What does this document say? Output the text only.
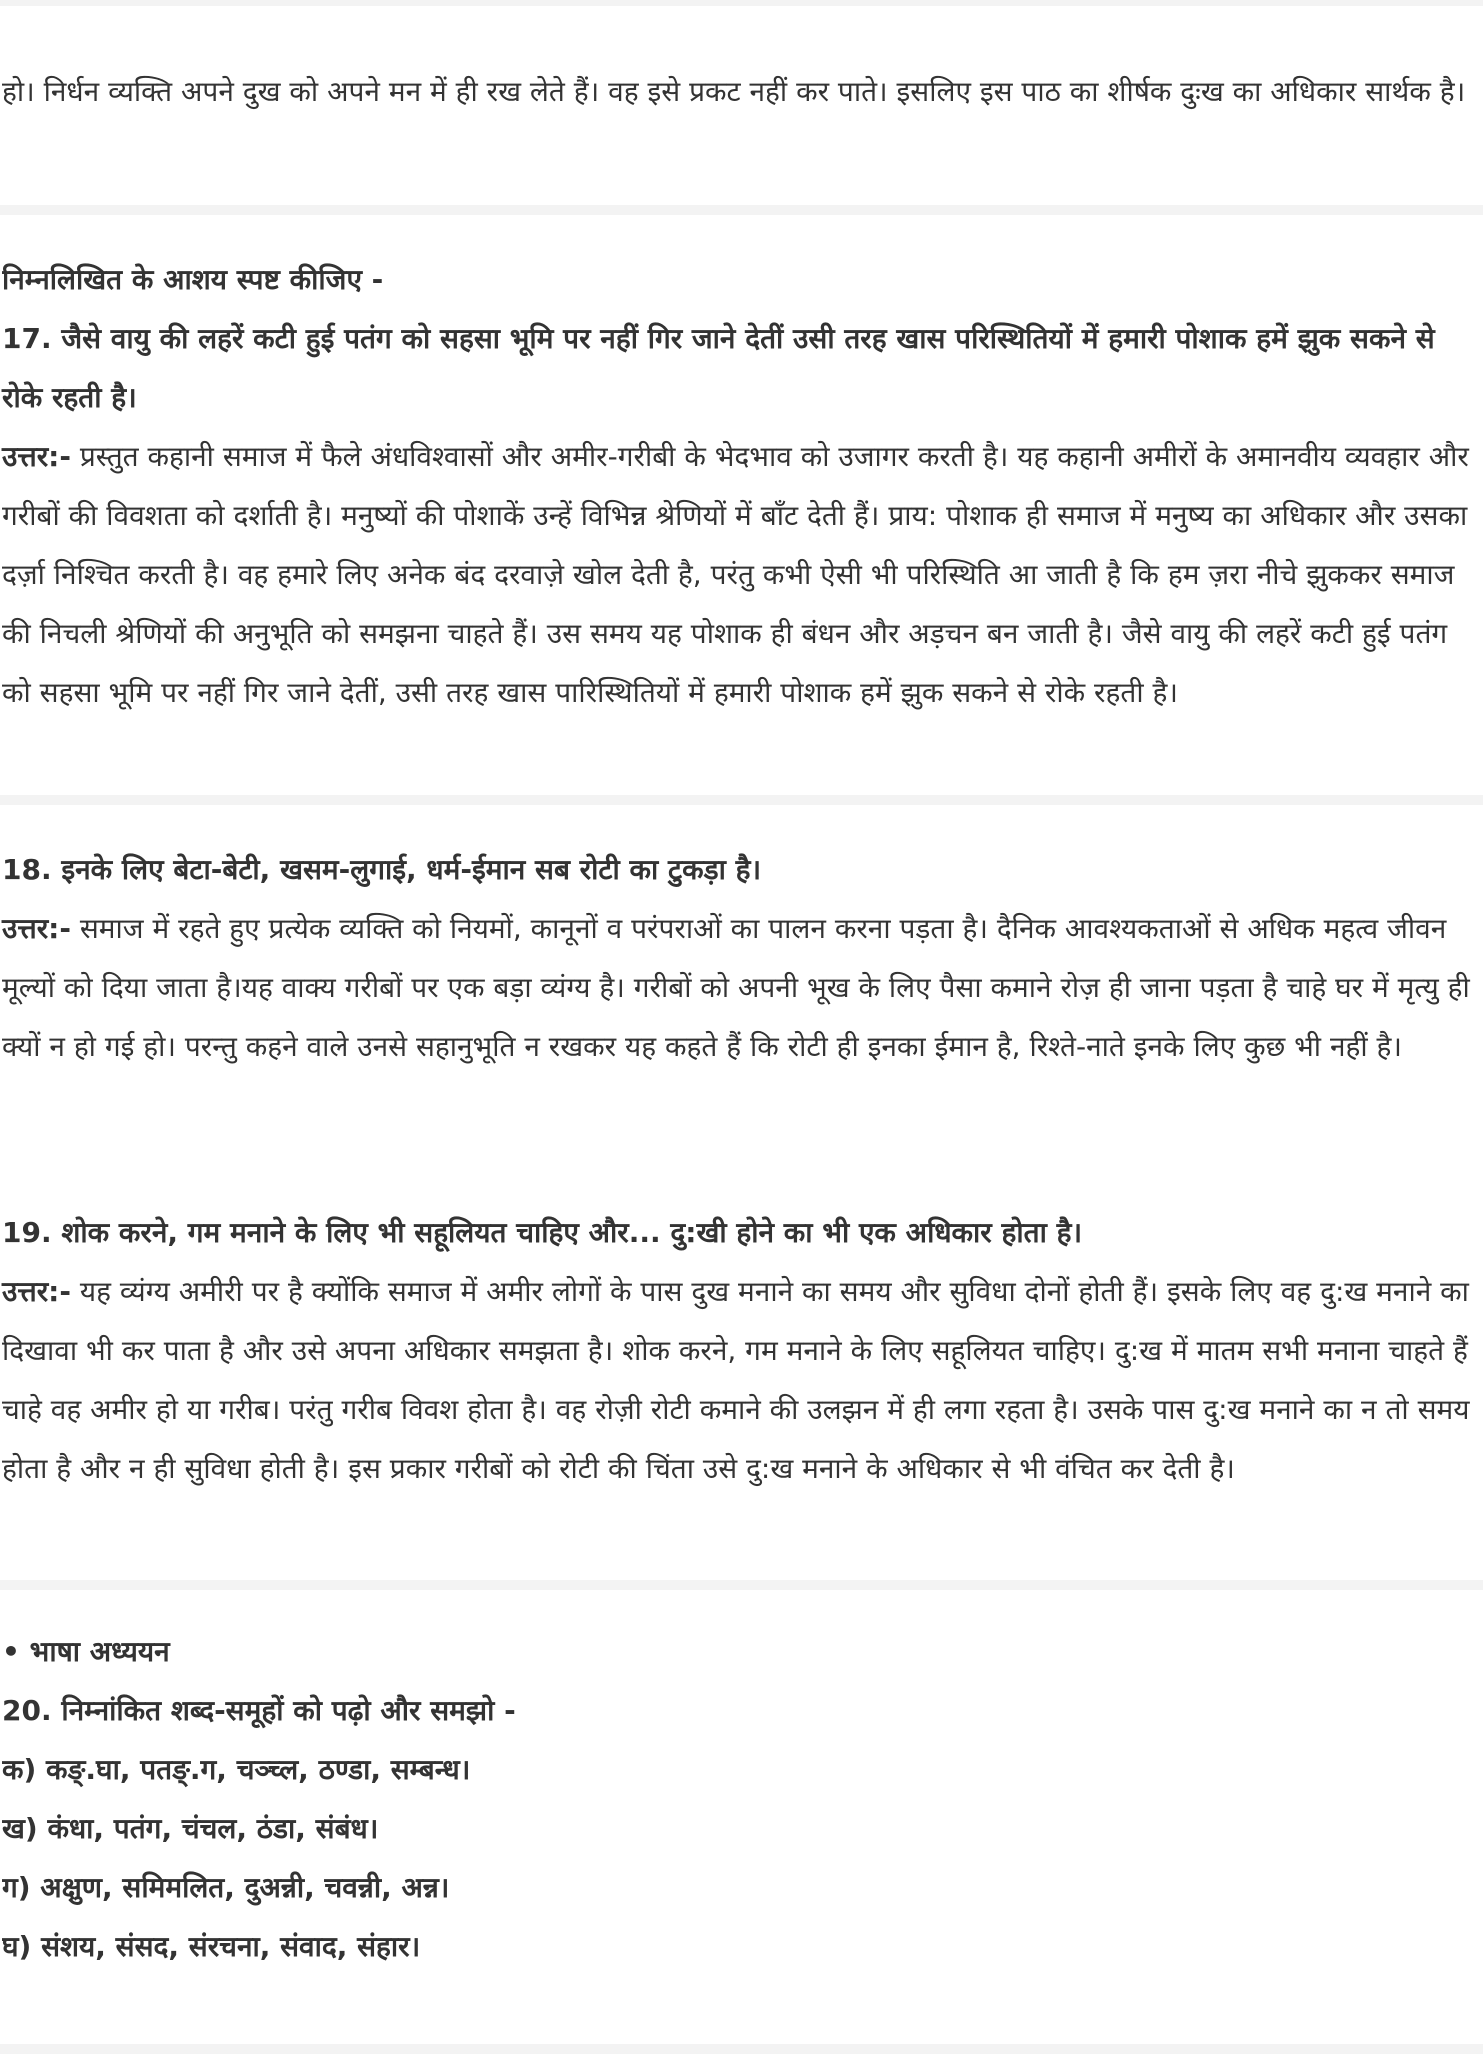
हो। निर्धन व्यक्ति अपने दुख को अपने मन में ही रख लेते हैं। वह इसे प्रकट नहीं कर पाते। इसलिए इस पाठ का शीर्षक दुःख का अधिकार सार्थक है।

निम्नलिखित के आशय स्पष्ट कीजिए -

17. जैसे वायु की लहरें कटी हुई पतंग को सहसा भूमि पर नहीं गिर जाने देतीं उसी तरह खास परिस्थितियों में हमारी पोशाक हमें झुक सकने से रोके रहती है।

उत्तर:- प्रस्तुत कहानी समाज में फैले अंधविश्वासों और अमीर-गरीबी के भेदभाव को उजागर करती है। यह कहानी अमीरों के अमानवीय व्यवहार और गरीबों की विवशता को दर्शाती है। मनुष्यों की पोशाकें उन्हें विभिन्न श्रेणियों में बाँट देती हैं। प्राय: पोशाक ही समाज में मनुष्य का अधिकार और उसका दर्ज़ा निश्चित करती है। वह हमारे लिए अनेक बंद दरवाज़े खोल देती है, परंतु कभी ऐसी भी परिस्थिति आ जाती है कि हम ज़रा नीचे झुककर समाज की निचली श्रेणियों की अनुभूति को समझना चाहते हैं। उस समय यह पोशाक ही बंधन और अड़चन बन जाती है। जैसे वायु की लहरें कटी हुई पतंग को सहसा भूमि पर नहीं गिर जाने देतीं, उसी तरह खास पारिस्थितियों में हमारी पोशाक हमें झुक सकने से रोके रहती है।

18. इनके लिए बेटा-बेटी, खसम-लुगाई, धर्म-ईमान सब रोटी का टुकड़ा है।

उत्तर:- समाज में रहते हुए प्रत्येक व्यक्ति को नियमों, कानूनों व परंपराओं का पालन करना पड़ता है। दैनिक आवश्यकताओं से अधिक महत्व जीवन मूल्यों को दिया जाता है।यह वाक्य गरीबों पर एक बड़ा व्यंग्य है। गरीबों को अपनी भूख के लिए पैसा कमाने रोज़ ही जाना पड़ता है चाहे घर में मृत्यु ही क्यों न हो गई हो। परन्तु कहने वाले उनसे सहानुभूति न रखकर यह कहते हैं कि रोटी ही इनका ईमान है, रिश्ते-नाते इनके लिए कुछ भी नहीं है।

19. शोक करने, गम मनाने के लिए भी सहूलियत चाहिए और... दु:खी होने का भी एक अधिकार होता है।

उत्तर:- यह व्यंग्य अमीरी पर है क्योंकि समाज में अमीर लोगों के पास दुख मनाने का समय और सुविधा दोनों होती हैं। इसके लिए वह दु:ख मनाने का दिखावा भी कर पाता है और उसे अपना अधिकार समझता है। शोक करने, गम मनाने के लिए सहूलियत चाहिए। दु:ख में मातम सभी मनाना चाहते हैं चाहे वह अमीर हो या गरीब। परंतु गरीब विवश होता है। वह रोज़ी रोटी कमाने की उलझन में ही लगा रहता है। उसके पास दु:ख मनाने का न तो समय होता है और न ही सुविधा होती है। इस प्रकार गरीबों को रोटी की चिंता उसे दु:ख मनाने के अधिकार से भी वंचित कर देती है।

• भाषा अध्ययन
20. निम्नांकित शब्द-समूहों को पढ़ो और समझो -
क) कङ्.घा, पतङ्.ग, चञ्च्ल, ठण्डा, सम्बन्ध।
ख) कंधा, पतंग, चंचल, ठंडा, संबंध।
ग) अक्षुण, समिमलित, दुअन्नी, चवन्नी, अन्न।
घ) संशय, संसद, संरचना, संवाद, संहार।
